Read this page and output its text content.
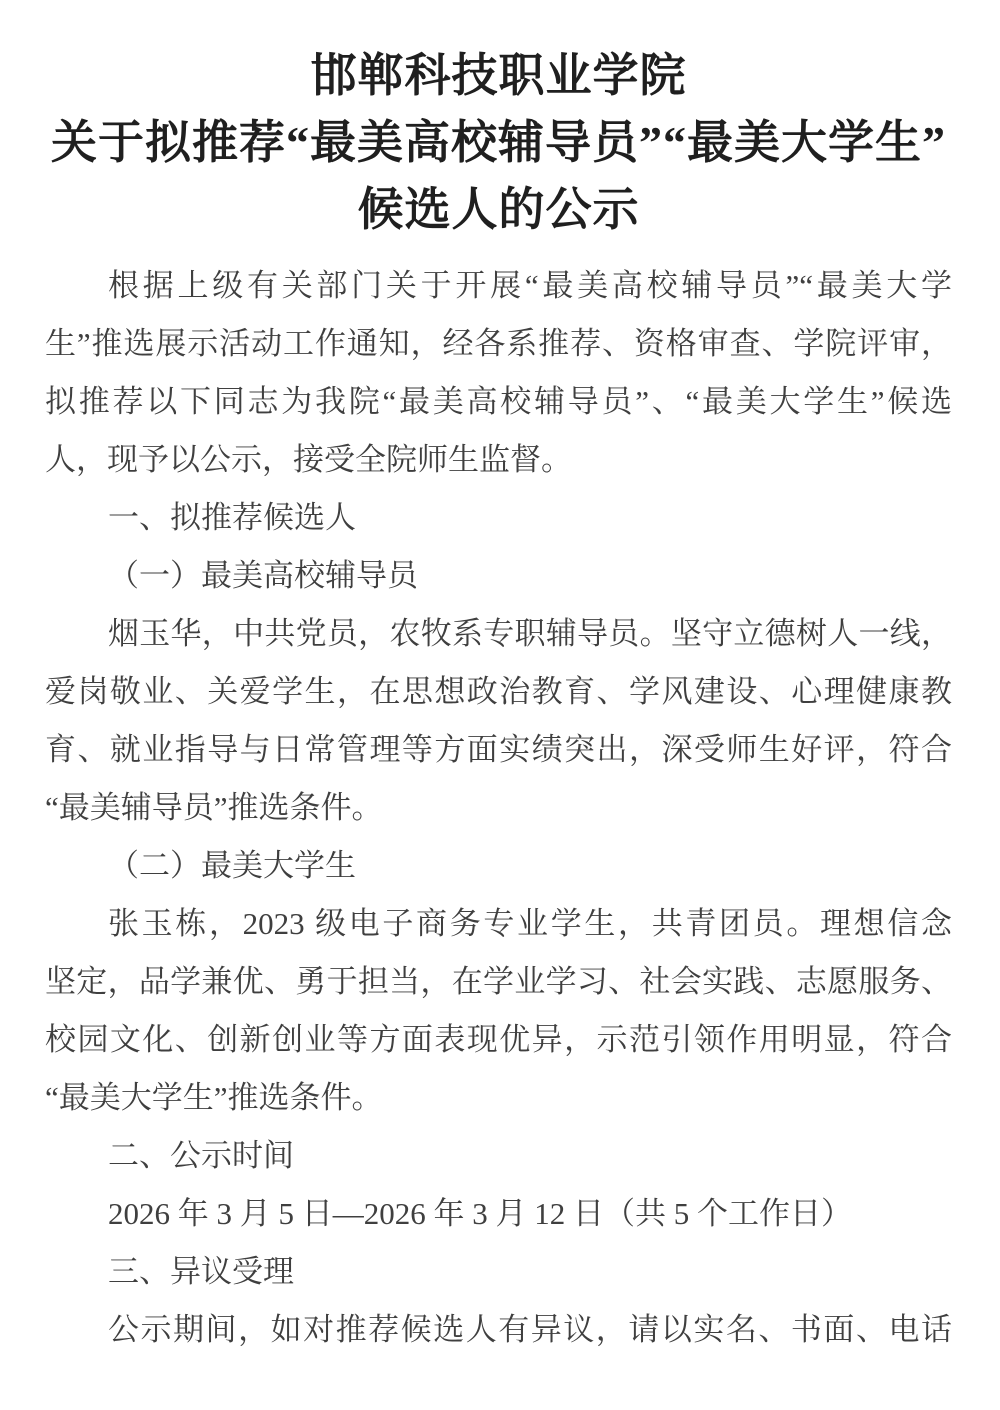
邯郸科技职业学院
关于拟推荐“最美高校辅导员”“最美大学生”
候选人的公示
根据上级有关部门关于开展“最美高校辅导员”“最美大学
生”推选展示活动工作通知，经各系推荐、资格审查、学院评审，
拟推荐以下同志为我院“最美高校辅导员”、“最美大学生”候选
人，现予以公示，接受全院师生监督。
一、拟推荐候选人
（一）最美高校辅导员
烟玉华，中共党员，农牧系专职辅导员。坚守立德树人一线，
爱岗敬业、关爱学生，在思想政治教育、学风建设、心理健康教
育、就业指导与日常管理等方面实绩突出，深受师生好评，符合
“最美辅导员”推选条件。
（二）最美大学生
张玉栋，2023 级电子商务专业学生，共青团员。理想信念
坚定，品学兼优、勇于担当，在学业学习、社会实践、志愿服务、
校园文化、创新创业等方面表现优异，示范引领作用明显，符合
“最美大学生”推选条件。
二、公示时间
2026 年 3 月 5 日—2026 年 3 月 12 日（共 5 个工作日）
三、异议受理
公示期间，如对推荐候选人有异议，请以实名、书面、电话
